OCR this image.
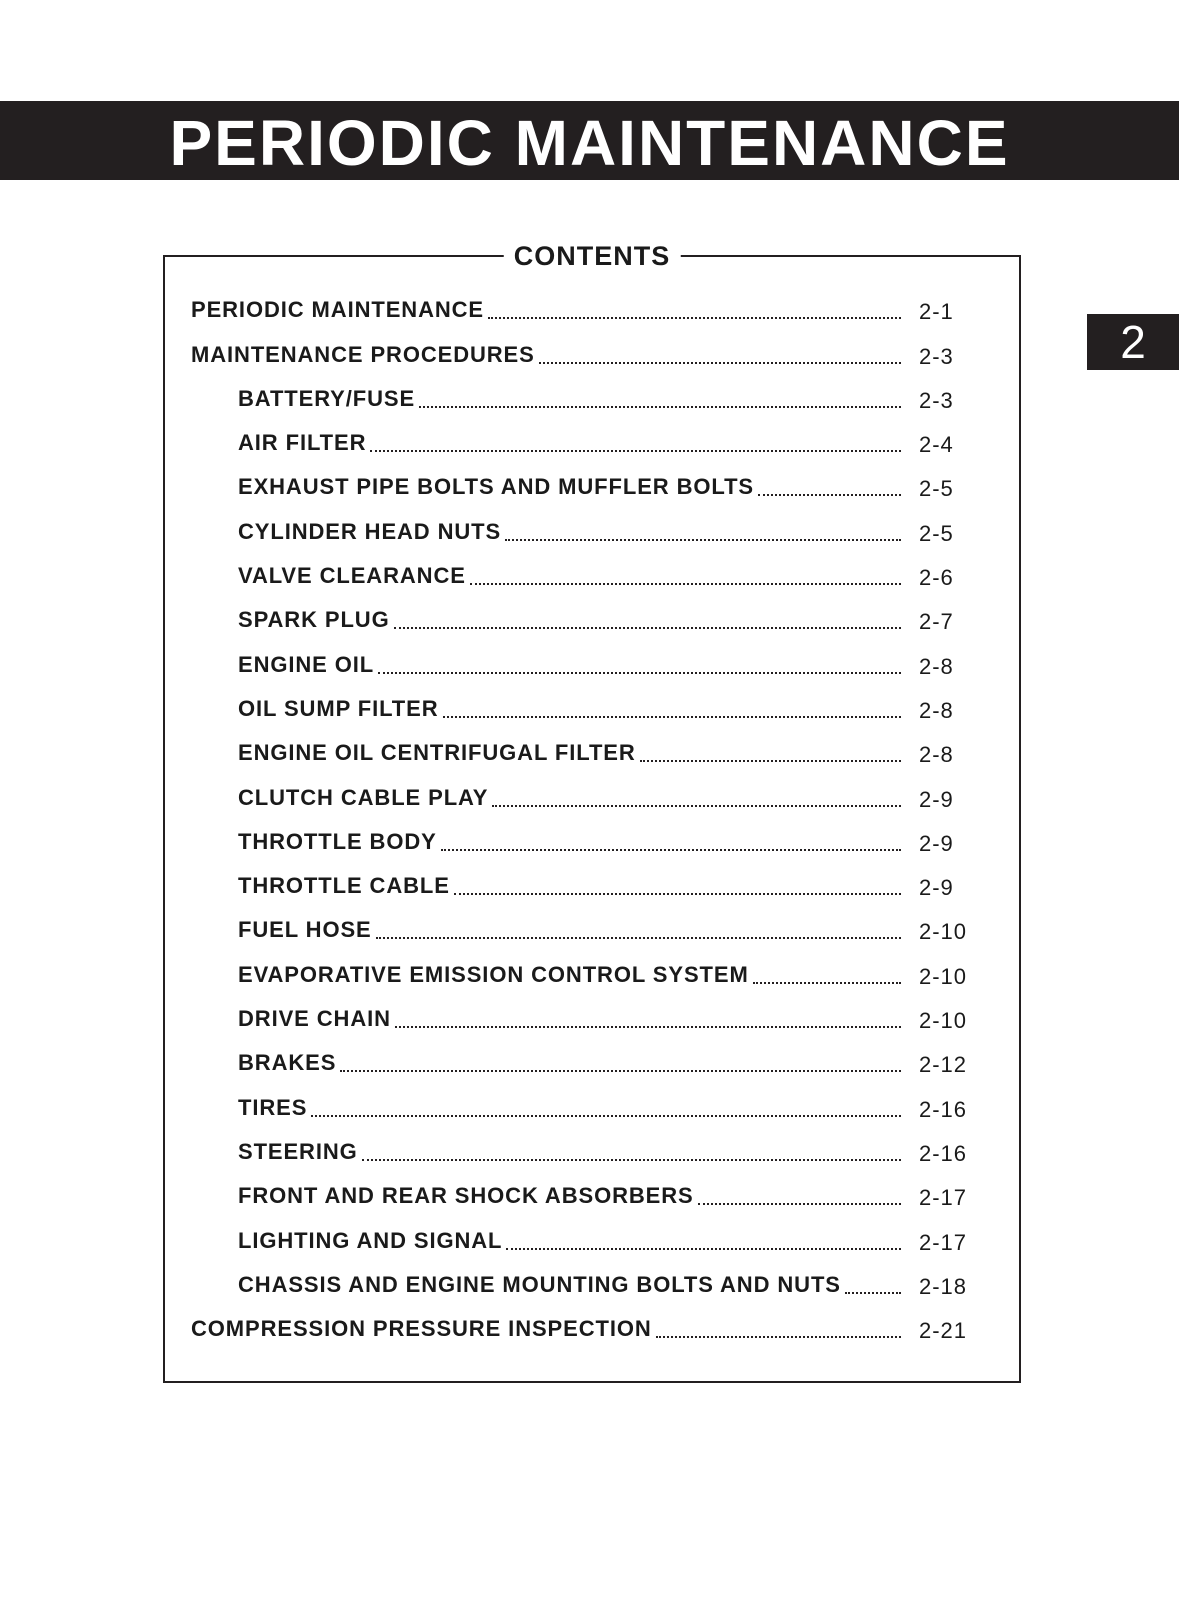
PERIODIC MAINTENANCE
2
CONTENTS
PERIODIC MAINTENANCE	2-1
MAINTENANCE PROCEDURES	2-3
BATTERY/FUSE	2-3
AIR FILTER	2-4
EXHAUST PIPE BOLTS AND MUFFLER BOLTS	2-5
CYLINDER HEAD NUTS	2-5
VALVE CLEARANCE	2-6
SPARK PLUG	2-7
ENGINE OIL	2-8
OIL SUMP FILTER	2-8
ENGINE OIL CENTRIFUGAL FILTER	2-8
CLUTCH CABLE PLAY	2-9
THROTTLE BODY	2-9
THROTTLE CABLE	2-9
FUEL HOSE	2-10
EVAPORATIVE EMISSION CONTROL SYSTEM	2-10
DRIVE CHAIN	2-10
BRAKES	2-12
TIRES	2-16
STEERING	2-16
FRONT AND REAR SHOCK ABSORBERS	2-17
LIGHTING AND SIGNAL	2-17
CHASSIS AND ENGINE MOUNTING BOLTS AND NUTS	2-18
COMPRESSION PRESSURE INSPECTION	2-21
